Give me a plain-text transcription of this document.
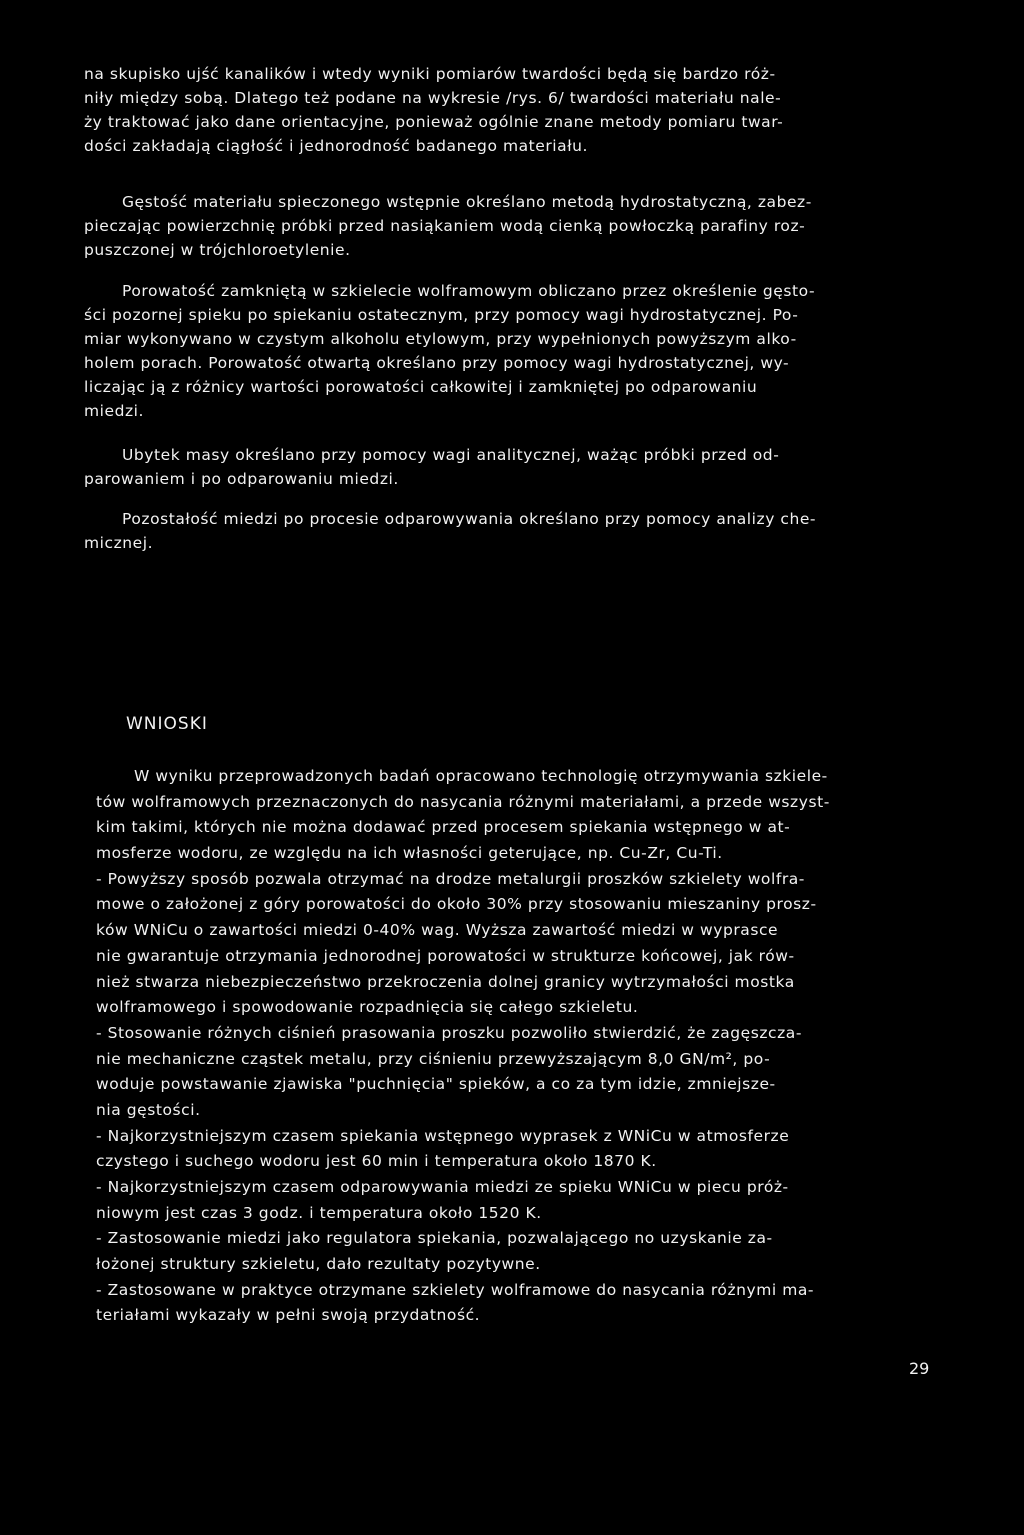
na skupisko ujść kanalików i wtedy wyniki pomiarów twardości będą się bardzo róż-
niły między sobą. Dlatego też podane na wykresie /rys. 6/ twardości materiału nale-
ży traktować jako dane orientacyjne, ponieważ ogólnie znane metody pomiaru twar-
dości zakładają ciągłość i jednorodność badanego materiału.
Gęstość materiału spieczonego wstępnie określano metodą hydrostatyczną, zabez-
pieczając powierzchnię próbki przed nasiąkaniem wodą cienką powłoczką parafiny roz-
puszczonej w trójchloroetylenie.
Porowatość zamkniętą w szkielecie wolframowym obliczano przez określenie gęsto-
ści pozornej spieku po spiekaniu ostatecznym, przy pomocy wagi hydrostatycznej. Po-
miar wykonywano w czystym alkoholu etylowym, przy wypełnionych powyższym alko-
holem porach. Porowatość otwartą określano przy pomocy wagi hydrostatycznej, wy-
liczając ją z różnicy wartości porowatości całkowitej i zamkniętej po odparowaniu
miedzi.
Ubytek masy określano przy pomocy wagi analitycznej, ważąc próbki przed od-
parowaniem i po odparowaniu miedzi.
Pozostałość miedzi po procesie odparowywania określano przy pomocy analizy che-
micznej.
WNIOSKI
W wyniku przeprowadzonych badań opracowano technologię otrzymywania szkiele-
tów wolframowych przeznaczonych do nasycania różnymi materiałami, a przede wszyst-
kim takimi, których nie można dodawać przed procesem spiekania wstępnego w at-
mosferze wodoru, ze względu na ich własności geterujące, np. Cu-Zr, Cu-Ti.
- Powyższy sposób pozwala otrzymać na drodze metalurgii proszków szkielety wolfra-
mowe o założonej z góry porowatości do około 30% przy stosowaniu mieszaniny prosz-
ków WNiCu o zawartości miedzi 0-40% wag. Wyższa zawartość miedzi w wyprasce
nie gwarantuje otrzymania jednorodnej porowatości w strukturze końcowej, jak rów-
nież stwarza niebezpieczeństwo przekroczenia dolnej granicy wytrzymałości mostka
wolframowego i spowodowanie rozpadnięcia się całego szkieletu.
- Stosowanie różnych ciśnień prasowania proszku pozwoliło stwierdzić, że zagęszcza-
nie mechaniczne cząstek metalu, przy ciśnieniu przewyższającym 8,0 GN/m², po-
woduje powstawanie zjawiska "puchnięcia" spieków, a co za tym idzie, zmniejsze-
nia gęstości.
- Najkorzystniejszym czasem spiekania wstępnego wyprasek z WNiCu w atmosferze
czystego i suchego wodoru jest 60 min i temperatura około 1870 K.
- Najkorzystniejszym czasem odparowywania miedzi ze spieku WNiCu w piecu próż-
niowym jest czas 3 godz. i temperatura około 1520 K.
- Zastosowanie miedzi jako regulatora spiekania, pozwalającego no uzyskanie za-
łożonej struktury szkieletu, dało rezultaty pozytywne.
- Zastosowane w praktyce otrzymane szkielety wolframowe do nasycania różnymi ma-
teriałami wykazały w pełni swoją przydatność.
29
